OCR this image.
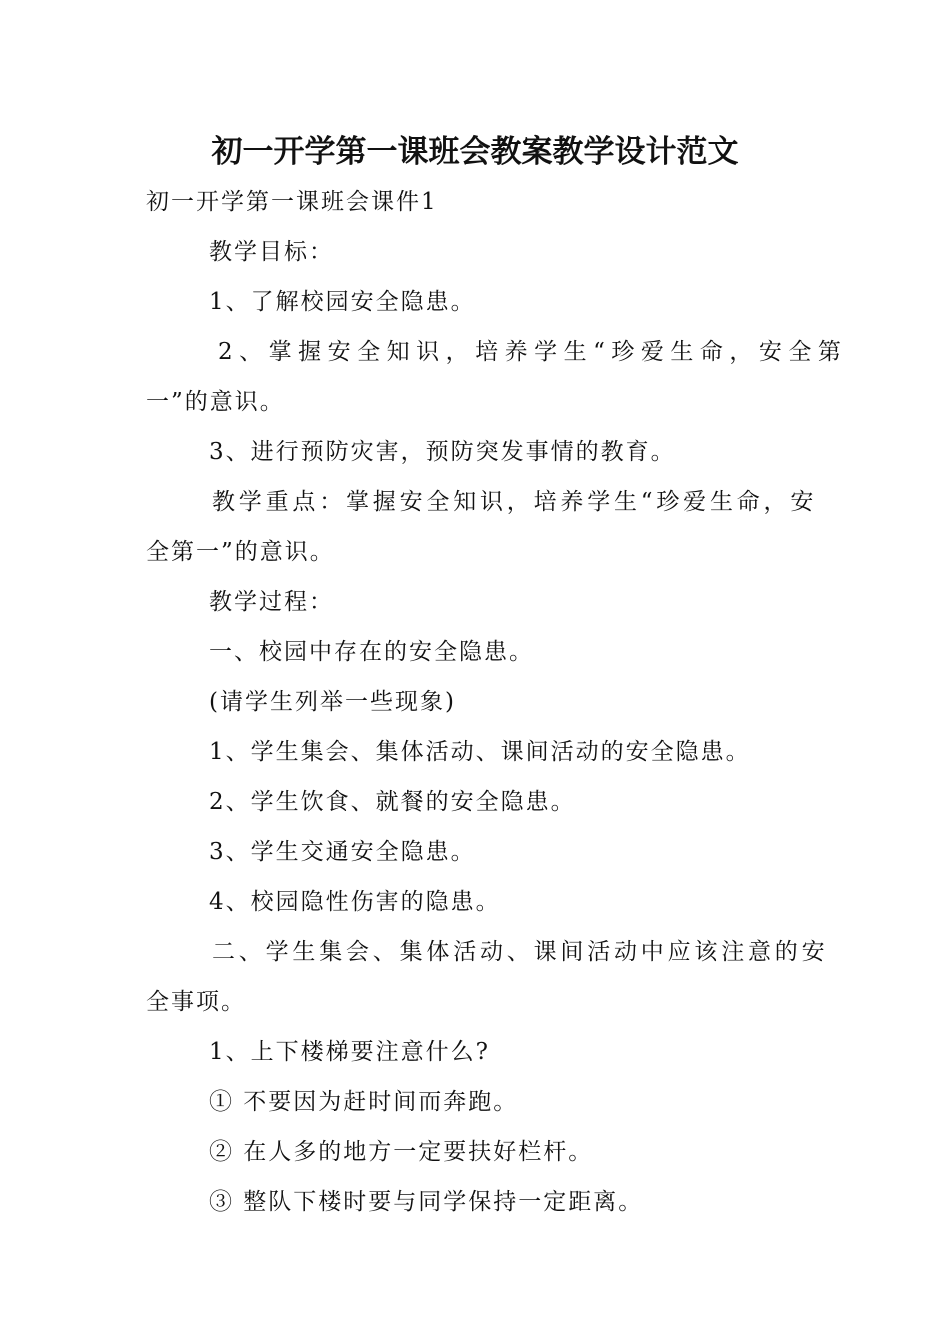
初一开学第一课班会教案教学设计范文
初一开学第一课班会课件1
教学目标：
1、了解校园安全隐患。
2、掌握安全知识，培养学生“珍爱生命，安全第
一”的意识。
3、进行预防灾害，预防突发事情的教育。
教学重点：掌握安全知识，培养学生“珍爱生命，安
全第一”的意识。
教学过程：
一、校园中存在的安全隐患。
(请学生列举一些现象)
1、学生集会、集体活动、课间活动的安全隐患。
2、学生饮食、就餐的安全隐患。
3、学生交通安全隐患。
4、校园隐性伤害的隐患。
二、学生集会、集体活动、课间活动中应该注意的安
全事项。
1、上下楼梯要注意什么?
① 不要因为赶时间而奔跑。
② 在人多的地方一定要扶好栏杆。
③ 整队下楼时要与同学保持一定距离。
